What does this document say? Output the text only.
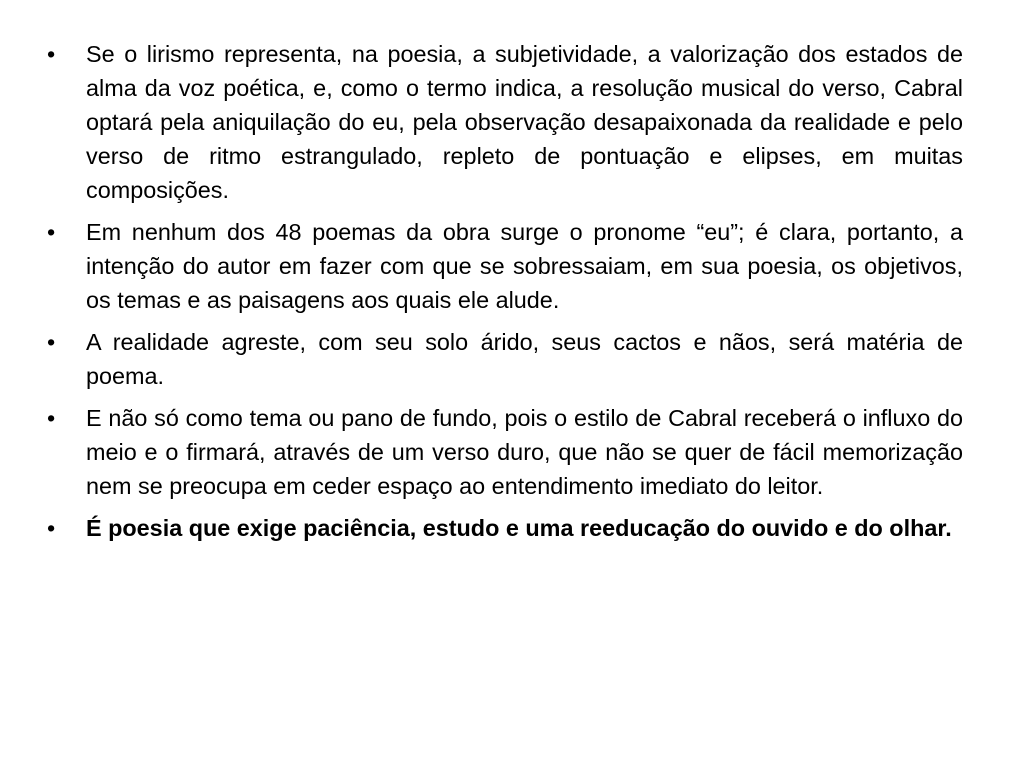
• Se o lirismo representa, na poesia, a subjetividade, a valorização dos estados de alma da voz poética, e, como o termo indica, a resolução musical do verso, Cabral optará pela aniquilação do eu, pela observação desapaixonada da realidade e pelo verso de ritmo estrangulado, repleto de pontuação e elipses, em muitas composições.
• Em nenhum dos 48 poemas da obra surge o pronome “eu”; é clara, portanto, a intenção do autor em fazer com que se sobressaiam, em sua poesia, os objetivos, os temas e as paisagens aos quais ele alude.
• A realidade agreste, com seu solo árido, seus cactos e nãos, será matéria de poema.
• E não só como tema ou pano de fundo, pois o estilo de Cabral receberá o influxo do meio e o firmará, através de um verso duro, que não se quer de fácil memorização nem se preocupa em ceder espaço ao entendimento imediato do leitor.
• É poesia que exige paciência, estudo e uma reeducação do ouvido e do olhar.
